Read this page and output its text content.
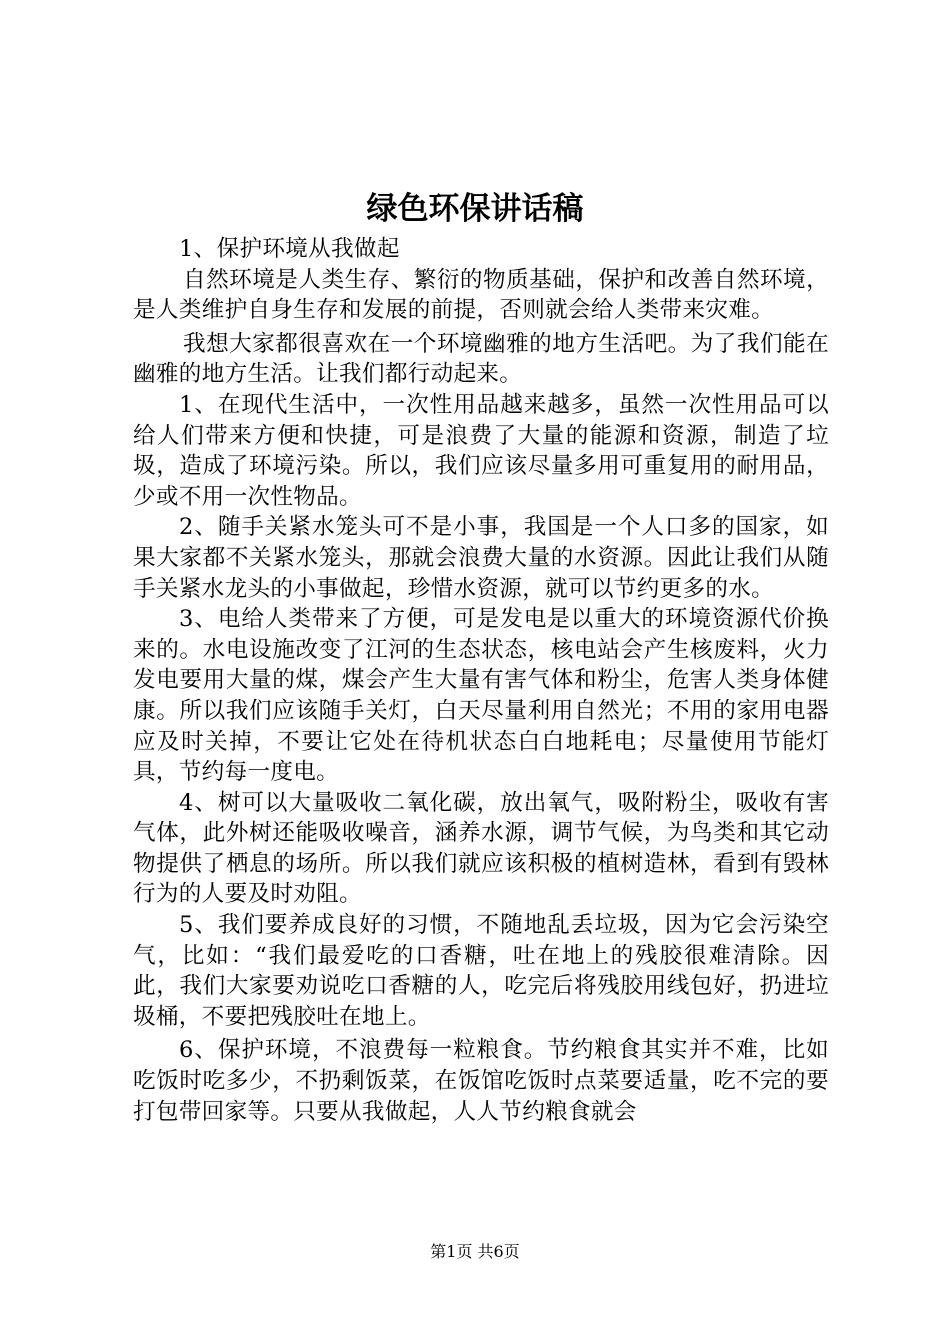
绿色环保讲话稿

1、保护环境从我做起

自然环境是人类生存、繁衍的物质基础，保护和改善自然环境，是人类维护自身生存和发展的前提，否则就会给人类带来灾难。

我想大家都很喜欢在一个环境幽雅的地方生活吧。为了我们能在幽雅的地方生活。让我们都行动起来。

1、在现代生活中，一次性用品越来越多，虽然一次性用品可以给人们带来方便和快捷，可是浪费了大量的能源和资源，制造了垃圾，造成了环境污染。所以，我们应该尽量多用可重复用的耐用品，少或不用一次性物品。

2、随手关紧水笼头可不是小事，我国是一个人口多的国家，如果大家都不关紧水笼头，那就会浪费大量的水资源。因此让我们从随手关紧水龙头的小事做起，珍惜水资源，就可以节约更多的水。

3、电给人类带来了方便，可是发电是以重大的环境资源代价换来的。水电设施改变了江河的生态状态，核电站会产生核废料，火力发电要用大量的煤，煤会产生大量有害气体和粉尘，危害人类身体健康。所以我们应该随手关灯，白天尽量利用自然光；不用的家用电器应及时关掉，不要让它处在待机状态白白地耗电；尽量使用节能灯具，节约每一度电。

4、树可以大量吸收二氧化碳，放出氧气，吸附粉尘，吸收有害气体，此外树还能吸收噪音，涵养水源，调节气候，为鸟类和其它动物提供了栖息的场所。所以我们就应该积极的植树造林，看到有毁林行为的人要及时劝阻。

5、我们要养成良好的习惯，不随地乱丢垃圾，因为它会污染空气，比如：“我们最爱吃的口香糖，吐在地上的残胶很难清除。因此，我们大家要劝说吃口香糖的人，吃完后将残胶用线包好，扔进垃圾桶，不要把残胶吐在地上。

6、保护环境，不浪费每一粒粮食。节约粮食其实并不难，比如吃饭时吃多少，不扔剩饭菜，在饭馆吃饭时点菜要适量，吃不完的要打包带回家等。只要从我做起，人人节约粮食就会

第1页 共6页
